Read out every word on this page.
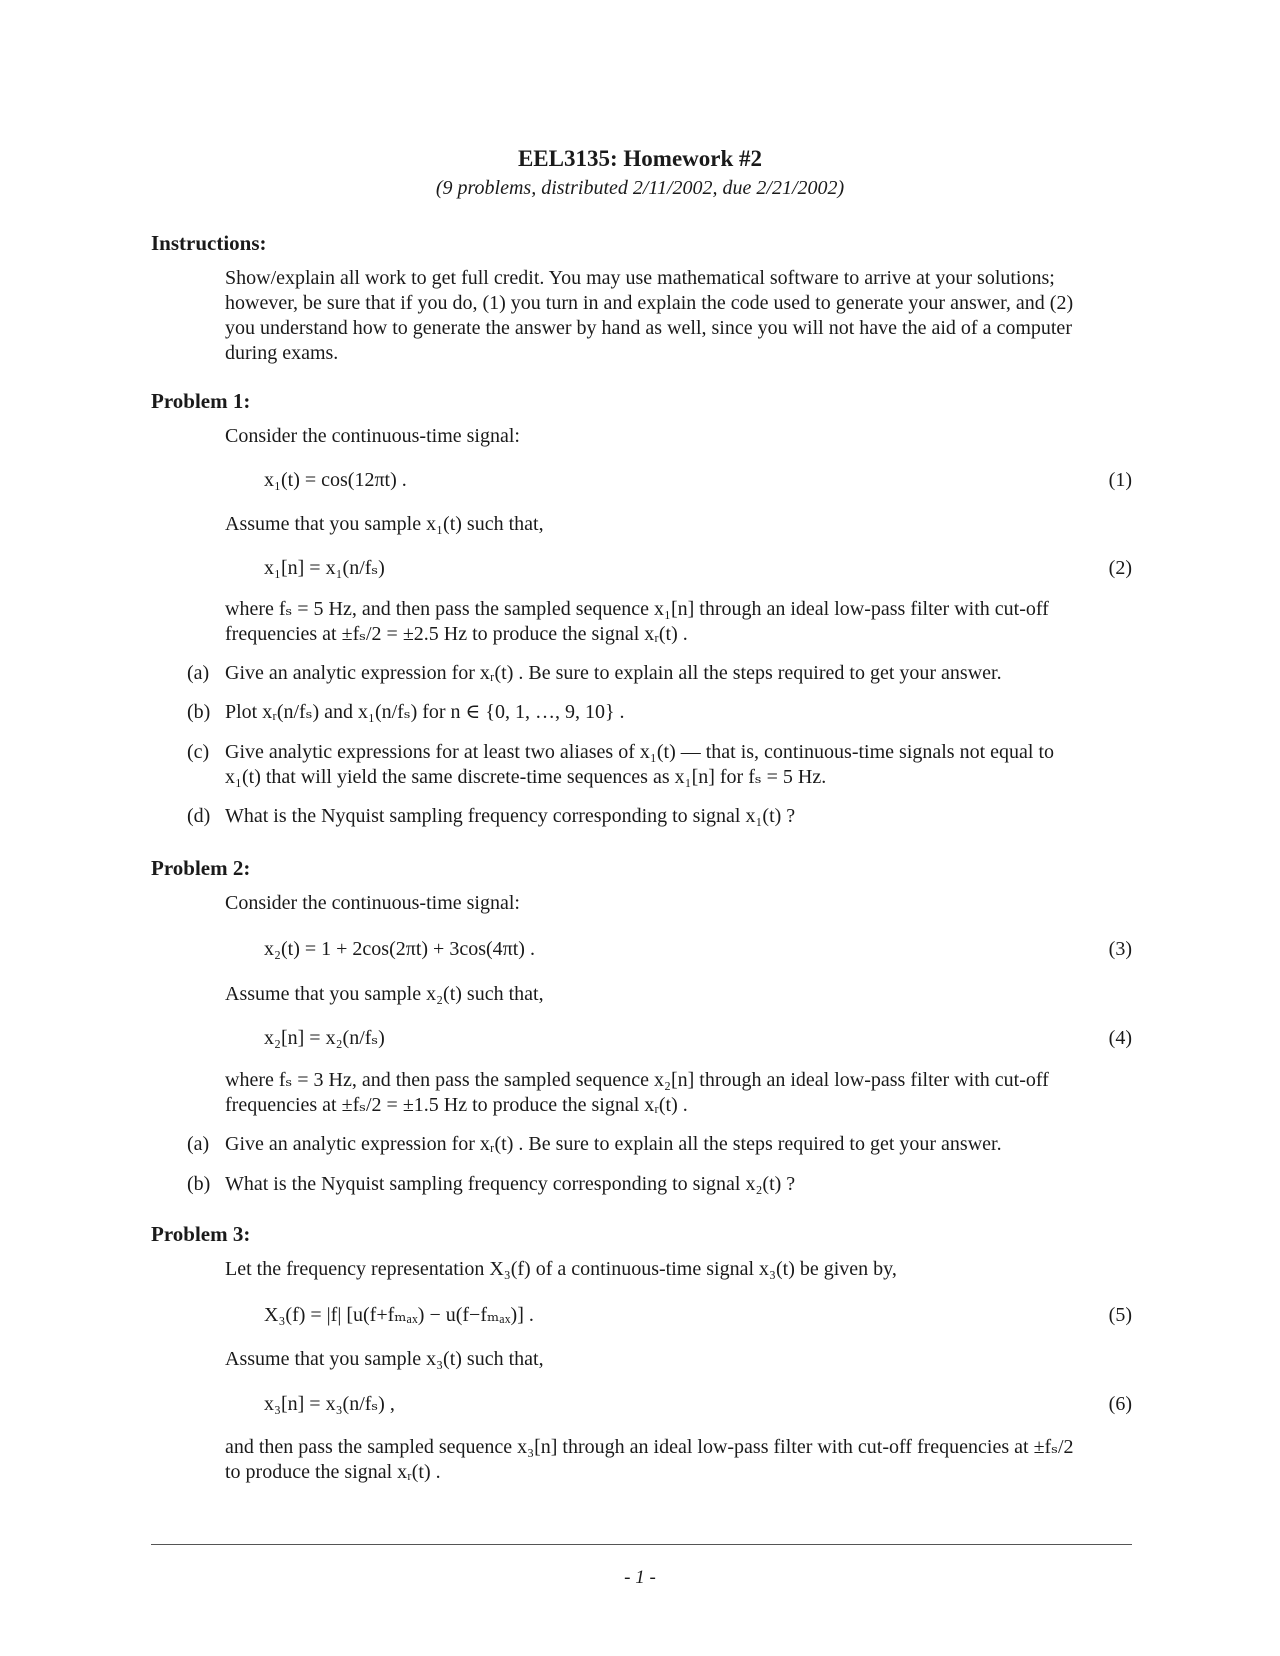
EEL3135: Homework #2
(9 problems, distributed 2/11/2002, due 2/21/2002)
Instructions:
Show/explain all work to get full credit. You may use mathematical software to arrive at your solutions;
however, be sure that if you do, (1) you turn in and explain the code used to generate your answer, and (2)
you understand how to generate the answer by hand as well, since you will not have the aid of a computer
during exams.
Problem 1:
Consider the continuous-time signal:
x₁(t) = cos(12πt) .	(1)
Assume that you sample x₁(t) such that,
x₁[n] = x₁(n/fₛ)	(2)
where fₛ = 5 Hz, and then pass the sampled sequence x₁[n] through an ideal low-pass filter with cut-off
frequencies at ±fₛ/2 = ±2.5 Hz to produce the signal xᵣ(t) .
(a) Give an analytic expression for xᵣ(t) . Be sure to explain all the steps required to get your answer.
(b) Plot xᵣ(n/fₛ) and x₁(n/fₛ) for n ∈ {0, 1, …, 9, 10} .
(c) Give analytic expressions for at least two aliases of x₁(t) — that is, continuous-time signals not equal to
x₁(t) that will yield the same discrete-time sequences as x₁[n] for fₛ = 5 Hz.
(d) What is the Nyquist sampling frequency corresponding to signal x₁(t) ?
Problem 2:
Consider the continuous-time signal:
x₂(t) = 1 + 2cos(2πt) + 3cos(4πt) .	(3)
Assume that you sample x₂(t) such that,
x₂[n] = x₂(n/fₛ)	(4)
where fₛ = 3 Hz, and then pass the sampled sequence x₂[n] through an ideal low-pass filter with cut-off
frequencies at ±fₛ/2 = ±1.5 Hz to produce the signal xᵣ(t) .
(a) Give an analytic expression for xᵣ(t) . Be sure to explain all the steps required to get your answer.
(b) What is the Nyquist sampling frequency corresponding to signal x₂(t) ?
Problem 3:
Let the frequency representation X₃(f) of a continuous-time signal x₃(t) be given by,
X₃(f) = |f| [u(f+fₘₐₓ) − u(f−fₘₐₓ)] .	(5)
Assume that you sample x₃(t) such that,
x₃[n] = x₃(n/fₛ) ,	(6)
and then pass the sampled sequence x₃[n] through an ideal low-pass filter with cut-off frequencies at ±fₛ/2
to produce the signal xᵣ(t) .
- 1 -
